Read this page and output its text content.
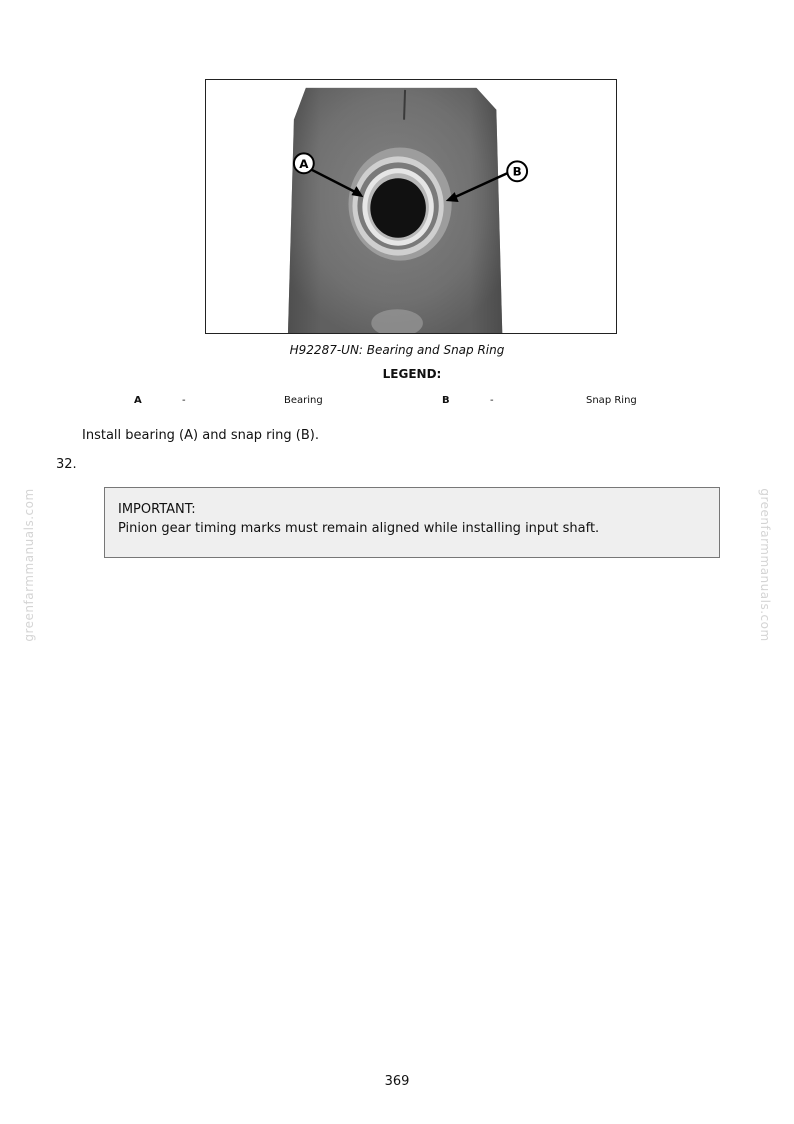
A
B
H92287-UN: Bearing and Snap Ring
LEGEND:
A	-	Bearing	B	-	Snap Ring
Install bearing (A) and snap ring (B).
32.
IMPORTANT:
Pinion gear timing marks must remain aligned while installing input shaft.
greenfarmmanuals.com	greenfarmmanuals.com
369
